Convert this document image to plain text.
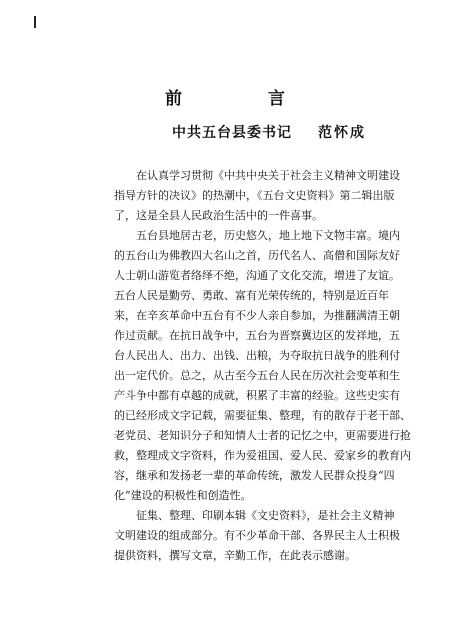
前 言
中共五台县委书记 范怀成
在认真学习贯彻《中共中央关于社会主义精神文明建设
指导方针的决议》的热潮中，《五台文史资料》第二辑出版
了，这是全县人民政治生活中的一件喜事。
五台县地居古老，历史悠久，地上地下文物丰富。境内
的五台山为佛教四大名山之首，历代名人、高僧和国际友好
人士朝山游览者络绎不绝，沟通了文化交流，增进了友谊。
五台人民是勤劳、勇敢、富有光荣传统的，特别是近百年
来，在辛亥革命中五台有不少人亲自参加，为推翻满清王朝
作过贡献。在抗日战争中，五台为晋察冀边区的发祥地，五
台人民出人、出力、出钱、出粮，为夺取抗日战争的胜利付
出一定代价。总之，从古至今五台人民在历次社会变革和生
产斗争中都有卓越的成就，积累了丰富的经验。这些史实有
的已经形成文字记载，需要征集、整理，有的散存于老干部、
老党员、老知识分子和知情人士者的记忆之中，更需要进行抢
救，整理成文字资料，作为爱祖国、爱人民、爱家乡的教育内
容，继承和发扬老一辈的革命传统，激发人民群众投身“四
化”建设的积极性和创造性。
征集、整理、印刷本辑《文史资料》，是社会主义精神
文明建设的组成部分。有不少革命干部、各界民主人士积极
提供资料，撰写文章，辛勤工作，在此表示感谢。
